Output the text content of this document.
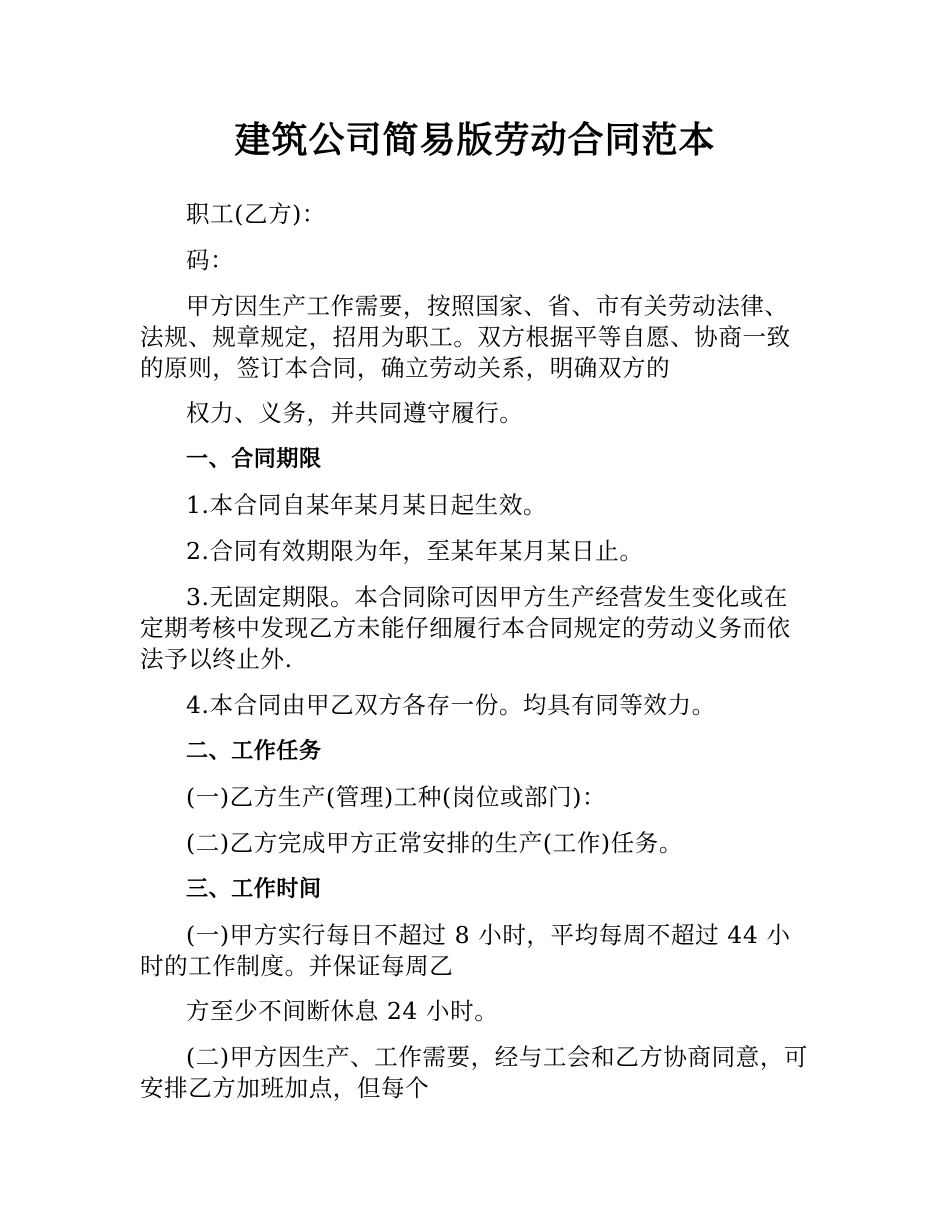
建筑公司简易版劳动合同范本

职工(乙方)：

码：

甲方因生产工作需要，按照国家、省、市有关劳动法律、法规、规章规定，招用为职工。双方根据平等自愿、协商一致的原则，签订本合同，确立劳动关系，明确双方的

权力、义务，并共同遵守履行。

一、合同期限

1.本合同自某年某月某日起生效。

2.合同有效期限为年，至某年某月某日止。

3.无固定期限。本合同除可因甲方生产经营发生变化或在定期考核中发现乙方未能仔细履行本合同规定的劳动义务而依法予以终止外.

4.本合同由甲乙双方各存一份。均具有同等效力。

二、工作任务

(一)乙方生产(管理)工种(岗位或部门)：

(二)乙方完成甲方正常安排的生产(工作)任务。

三、工作时间

(一)甲方实行每日不超过 8 小时，平均每周不超过 44 小时的工作制度。并保证每周乙

方至少不间断休息 24 小时。

(二)甲方因生产、工作需要，经与工会和乙方协商同意，可安排乙方加班加点，但每个
